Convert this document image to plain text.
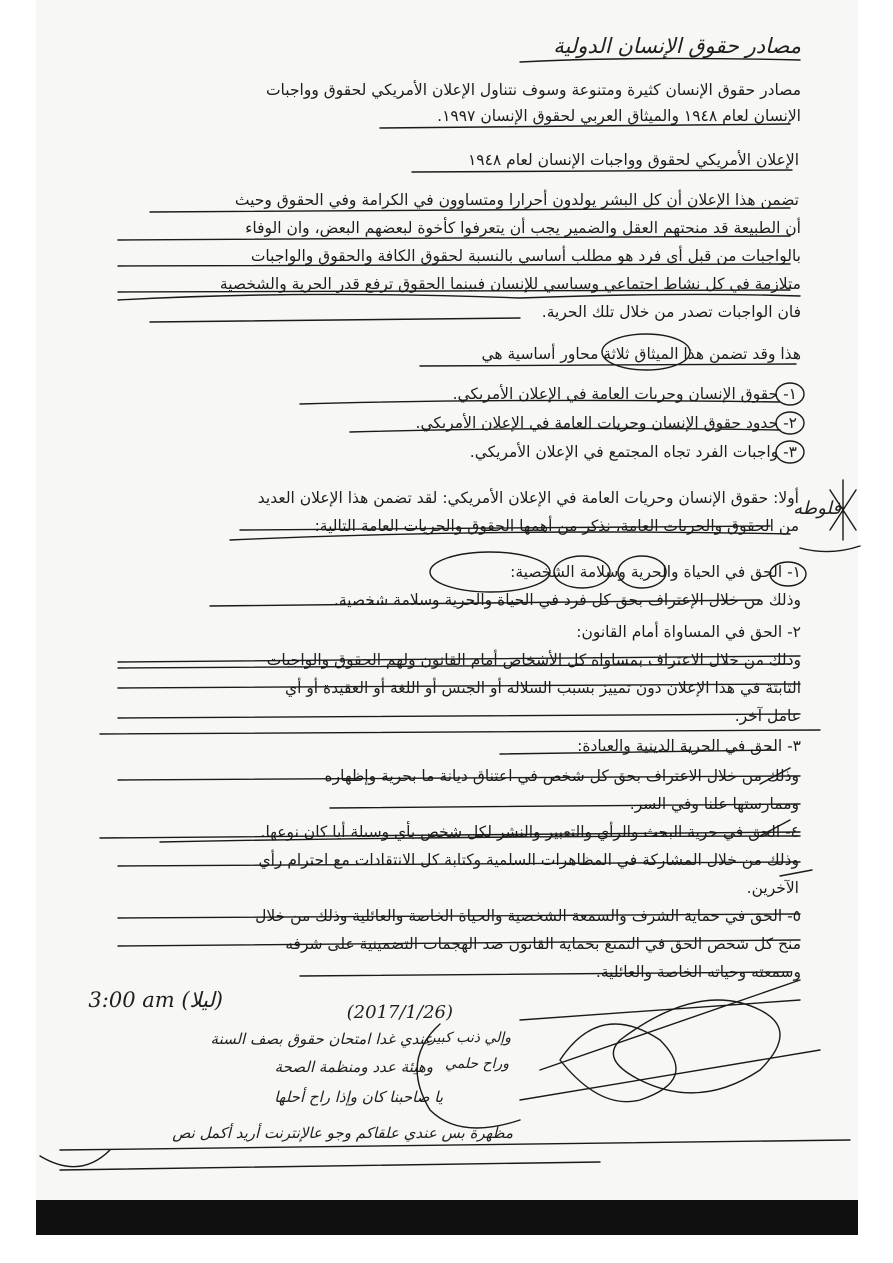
مصادر حقوق الإنسان الدولية
مصادر حقوق الإنسان كثيرة ومتنوعة وسوف نتناول الإعلان الأمريكي لحقوق وواجبات
الإنسان لعام ١٩٤٨ والميثاق العربي لحقوق الإنسان ١٩٩٧.
الإعلان الأمريكي لحقوق وواجبات الإنسان لعام ١٩٤٨
تضمن هذا الإعلان أن كل البشر يولدون أحرارا ومتساوون في الكرامة وفي الحقوق وحيث
أن الطبيعة قد منحتهم العقل والضمير يجب أن يتعرفوا كأخوة لبعضهم البعض، وان الوفاء
بالواجبات من قبل أي فرد هو مطلب أساسي بالنسبة لحقوق الكافة والحقوق والواجبات
متلازمة في كل نشاط اجتماعي وسياسي للإنسان فبينما الحقوق ترفع قدر الحرية والشخصية
فان الواجبات تصدر من خلال تلك الحرية.
هذا وقد تضمن هذا الميثاق ثلاثة محاور أساسية هي
١- حقوق الإنسان وحريات العامة في الإعلان الأمريكي.
٢- حدود حقوق الإنسان وحريات العامة في الإعلان الأمريكي.
٣- واجبات الفرد تجاه المجتمع في الإعلان الأمريكي.
أولا: حقوق الإنسان وحريات العامة في الإعلان الأمريكي: لقد تضمن هذا الإعلان العديد
من الحقوق والحريات العامة، نذكر من أهمها الحقوق والحريات العامة التالية:
١- الحق في الحياة والحرية وسلامة الشخصية:
وذلك من خلال الإعتراف بحق كل فرد في الحياة والحرية وسلامة شخصية.
٢- الحق في المساواة أمام القانون:
وذلك من خلال الاعتراف بمساواة كل الأشخاص أمام القانون ولهم الحقوق والواجبات
الثابتة في هذا الإعلان دون تمييز بسبب السلالة أو الجنس أو اللغة أو العقيدة أو أي
عامل آخر.
٣- الحق في الحرية الدينية والعبادة:
وذلك من خلال الاعتراف بحق كل شخص في اعتناق ديانة ما بحرية وإظهاره
وممارستها علنا وفي السر.
٤- الحق في حرية البحث والرأي والتعبير والنشر لكل شخص بأي وسيلة أيا كان نوعها.
وذلك من خلال المشاركة في المظاهرات السلمية وكتابة كل الانتقادات مع احترام رأي
الآخرين.
٥- الحق في حماية الشرف والسمعة الشخصية والحياة الخاصة والعائلية وذلك من خلال
منح كل شخص الحق في التمتع بحماية القانون ضد الهجمات التضمينية على شرفه
وسمعته وحياته الخاصة والعائلية.
3:00 am (ليلا)
(2017/1/26)
فلوطه
عندي غدا امتحان حقوق بصف السنة
وهيئة عدد ومنظمة الصحة
يا صاحبنا كان وإذا راح أحلها
مظهرة بس عندي علقاكم وجو عالإنترنت أريد أكمل نص
وإلي ذنب كبير
وراح حلمي
